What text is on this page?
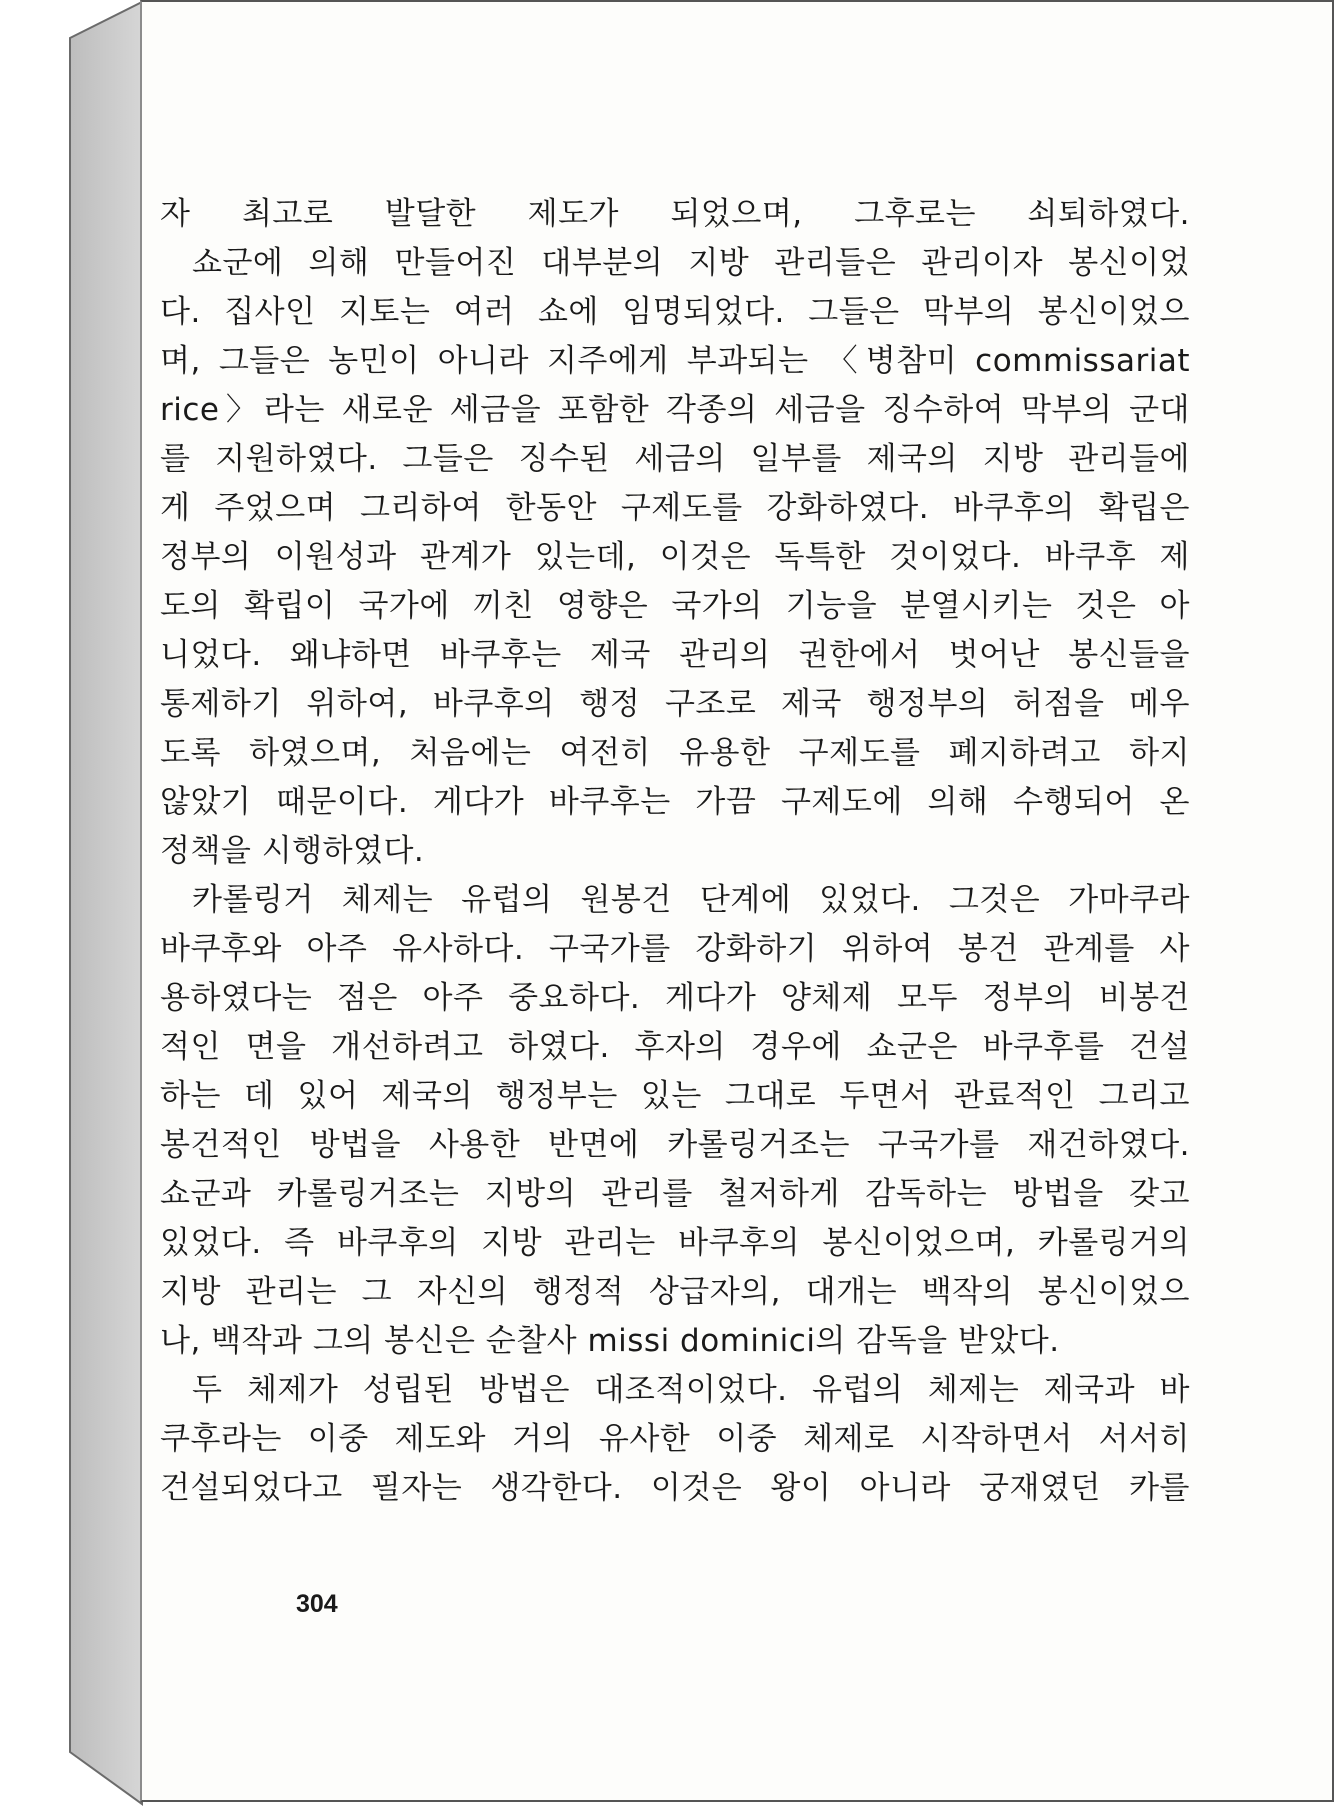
자 최고로 발달한 제도가 되었으며, 그후로는 쇠퇴하였다.
쇼군에 의해 만들어진 대부분의 지방 관리들은 관리이자 봉신이었
다. 집사인 지토는 여러 쇼에 임명되었다. 그들은 막부의 봉신이었으
며, 그들은 농민이 아니라 지주에게 부과되는 〈병참미 commissariat
rice〉라는 새로운 세금을 포함한 각종의 세금을 징수하여 막부의 군대
를 지원하였다. 그들은 징수된 세금의 일부를 제국의 지방 관리들에
게 주었으며 그리하여 한동안 구제도를 강화하였다. 바쿠후의 확립은
정부의 이원성과 관계가 있는데, 이것은 독특한 것이었다. 바쿠후 제
도의 확립이 국가에 끼친 영향은 국가의 기능을 분열시키는 것은 아
니었다. 왜냐하면 바쿠후는 제국 관리의 권한에서 벗어난 봉신들을
통제하기 위하여, 바쿠후의 행정 구조로 제국 행정부의 허점을 메우
도록 하였으며, 처음에는 여전히 유용한 구제도를 폐지하려고 하지
않았기 때문이다. 게다가 바쿠후는 가끔 구제도에 의해 수행되어 온
정책을 시행하였다.
카롤링거 체제는 유럽의 원봉건 단계에 있었다. 그것은 가마쿠라
바쿠후와 아주 유사하다. 구국가를 강화하기 위하여 봉건 관계를 사
용하였다는 점은 아주 중요하다. 게다가 양체제 모두 정부의 비봉건
적인 면을 개선하려고 하였다. 후자의 경우에 쇼군은 바쿠후를 건설
하는 데 있어 제국의 행정부는 있는 그대로 두면서 관료적인 그리고
봉건적인 방법을 사용한 반면에 카롤링거조는 구국가를 재건하였다.
쇼군과 카롤링거조는 지방의 관리를 철저하게 감독하는 방법을 갖고
있었다. 즉 바쿠후의 지방 관리는 바쿠후의 봉신이었으며, 카롤링거의
지방 관리는 그 자신의 행정적 상급자의, 대개는 백작의 봉신이었으
나, 백작과 그의 봉신은 순찰사 missi dominici의 감독을 받았다.
두 체제가 성립된 방법은 대조적이었다. 유럽의 체제는 제국과 바
쿠후라는 이중 제도와 거의 유사한 이중 체제로 시작하면서 서서히
건설되었다고 필자는 생각한다. 이것은 왕이 아니라 궁재였던 카를
304
